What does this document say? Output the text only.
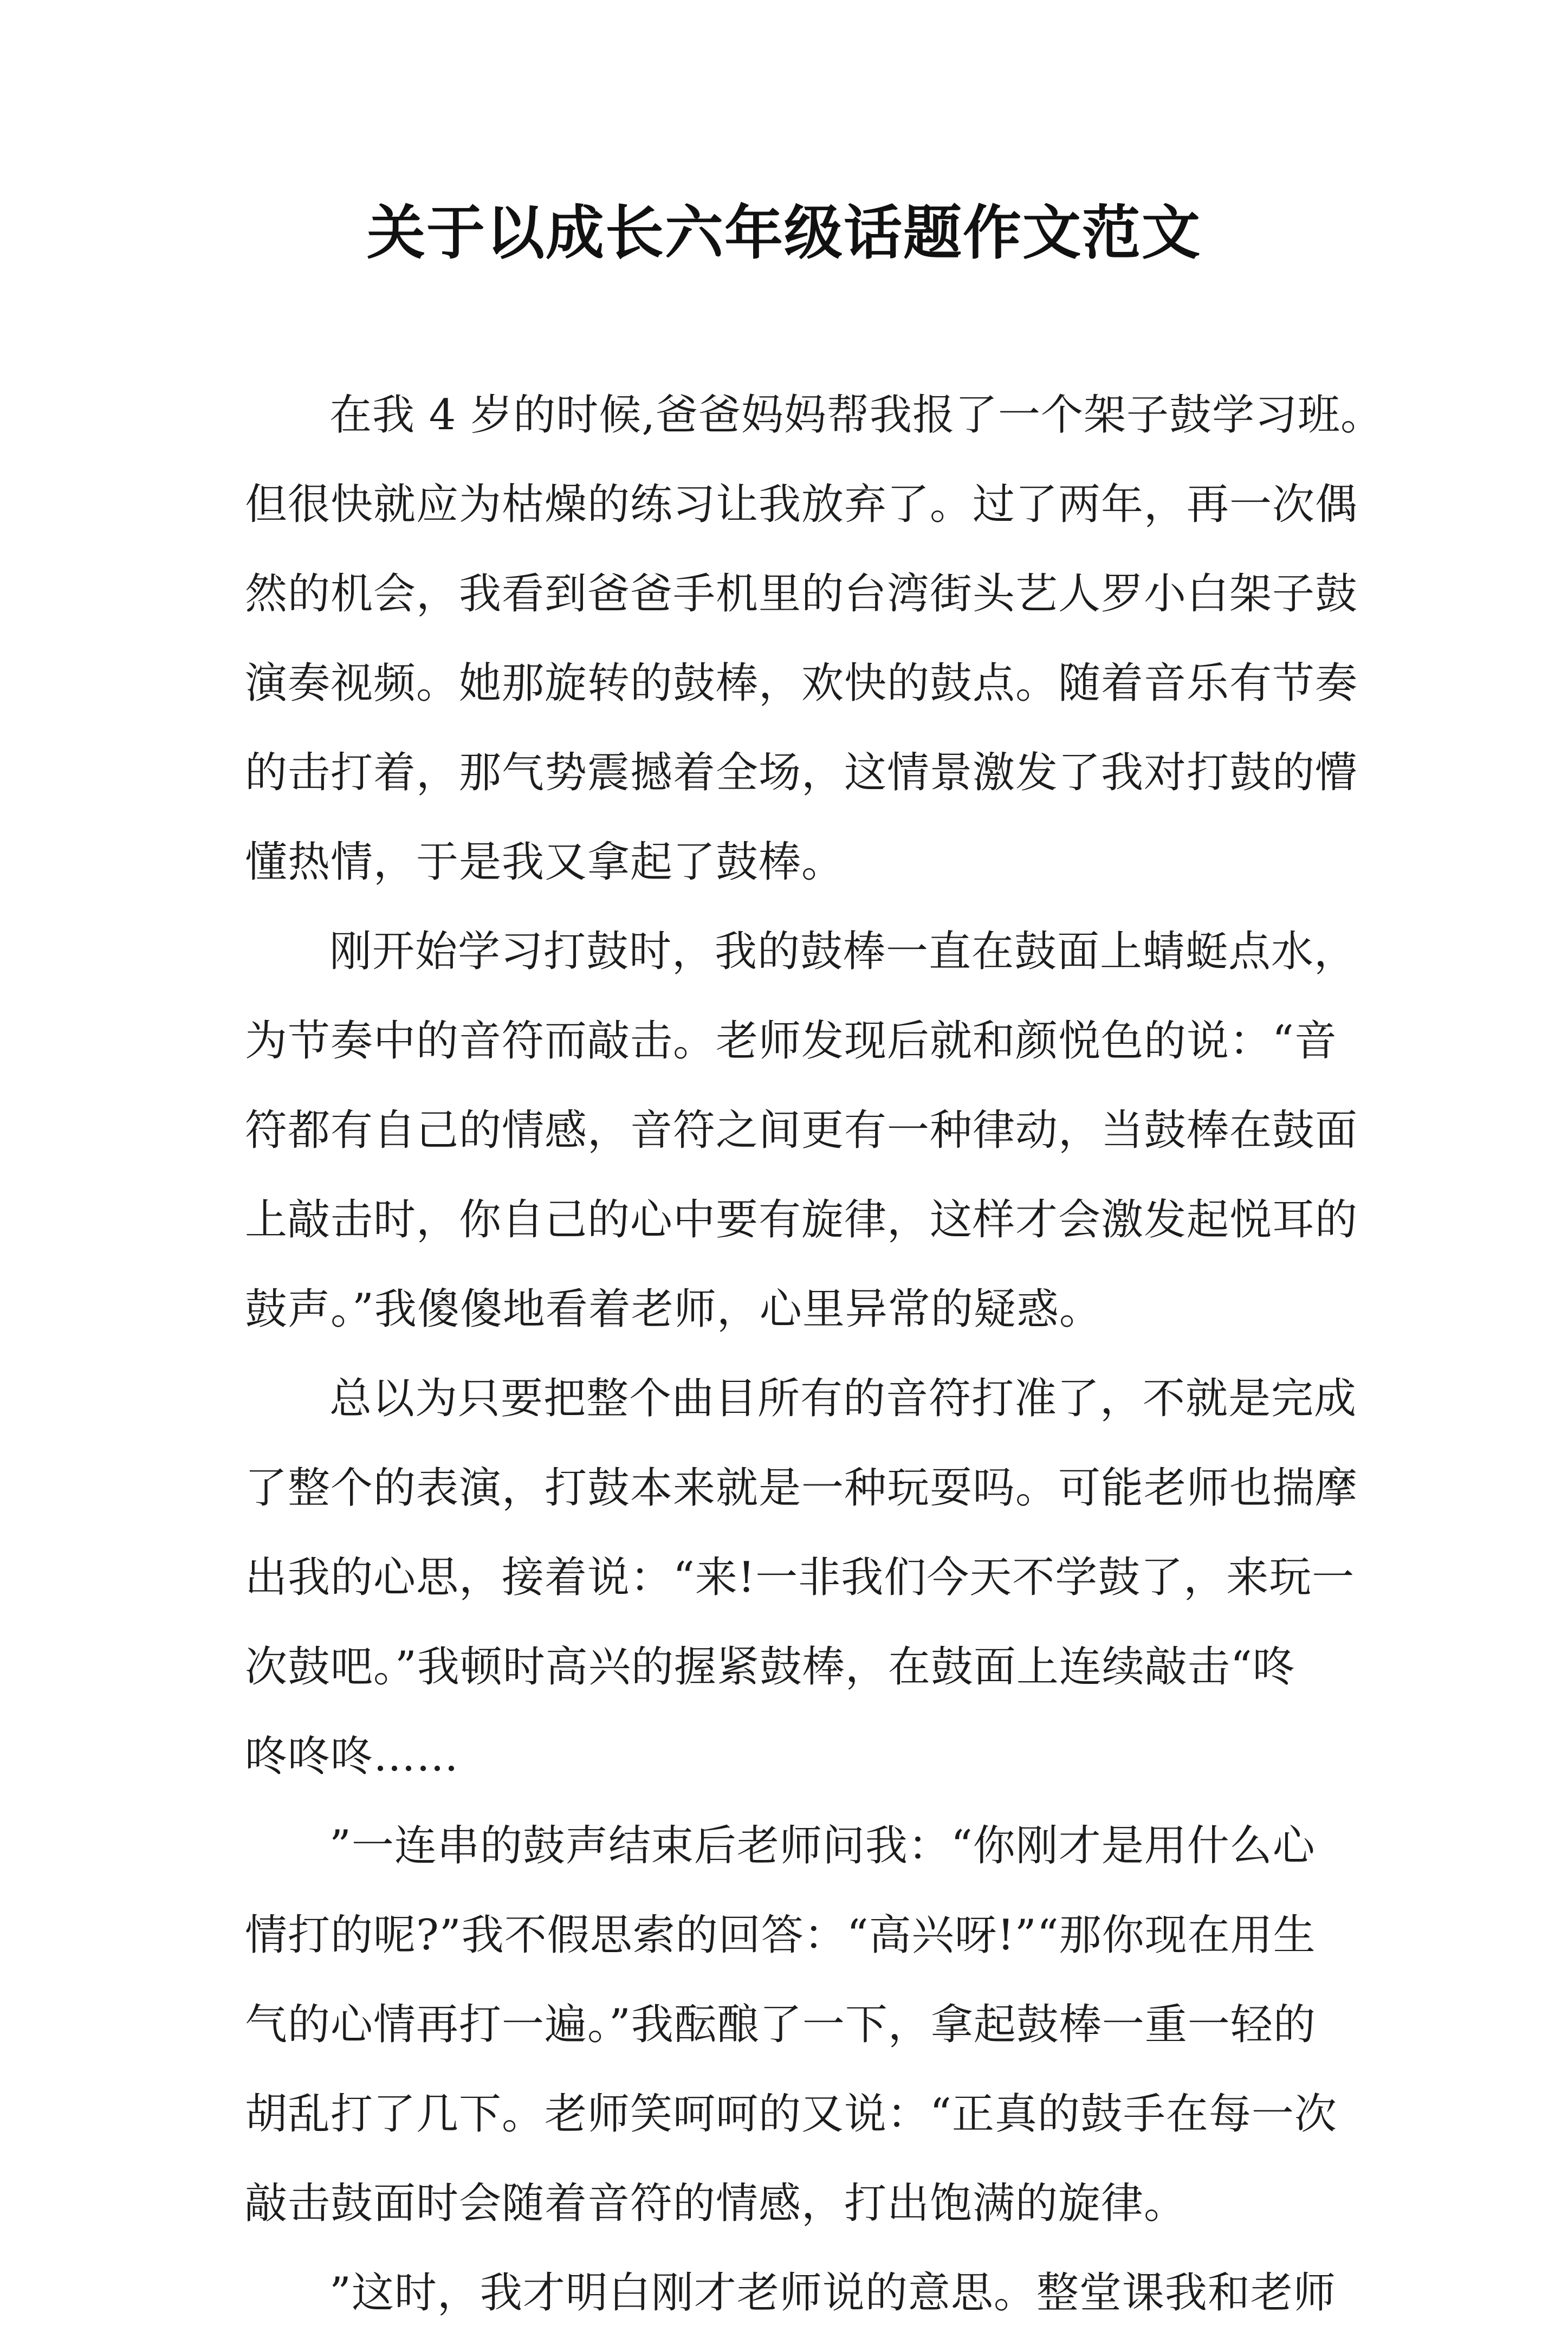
关于以成长六年级话题作文范文

在我 4 岁的时候,爸爸妈妈帮我报了一个架子鼓学习班。

但很快就应为枯燥的练习让我放弃了。过了两年，再一次偶

然的机会，我看到爸爸手机里的台湾街头艺人罗小白架子鼓

演奏视频。她那旋转的鼓棒，欢快的鼓点。随着音乐有节奏

的击打着，那气势震撼着全场，这情景激发了我对打鼓的懵

懂热情，于是我又拿起了鼓棒。

刚开始学习打鼓时，我的鼓棒一直在鼓面上蜻蜓点水，

为节奏中的音符而敲击。老师发现后就和颜悦色的说：“音

符都有自己的情感，音符之间更有一种律动，当鼓棒在鼓面

上敲击时，你自己的心中要有旋律，这样才会激发起悦耳的

鼓声。”我傻傻地看着老师，心里异常的疑惑。

总以为只要把整个曲目所有的音符打准了，不就是完成

了整个的表演，打鼓本来就是一种玩耍吗。可能老师也揣摩

出我的心思，接着说：“来!一非我们今天不学鼓了，来玩一

次鼓吧。”我顿时高兴的握紧鼓棒，在鼓面上连续敲击“咚

咚咚咚……

”一连串的鼓声结束后老师问我：“你刚才是用什么心

情打的呢?”我不假思索的回答：“高兴呀!”“那你现在用生

气的心情再打一遍。”我酝酿了一下，拿起鼓棒一重一轻的

胡乱打了几下。老师笑呵呵的又说：“正真的鼓手在每一次

敲击鼓面时会随着音符的情感，打出饱满的旋律。

”这时，我才明白刚才老师说的意思。整堂课我和老师
